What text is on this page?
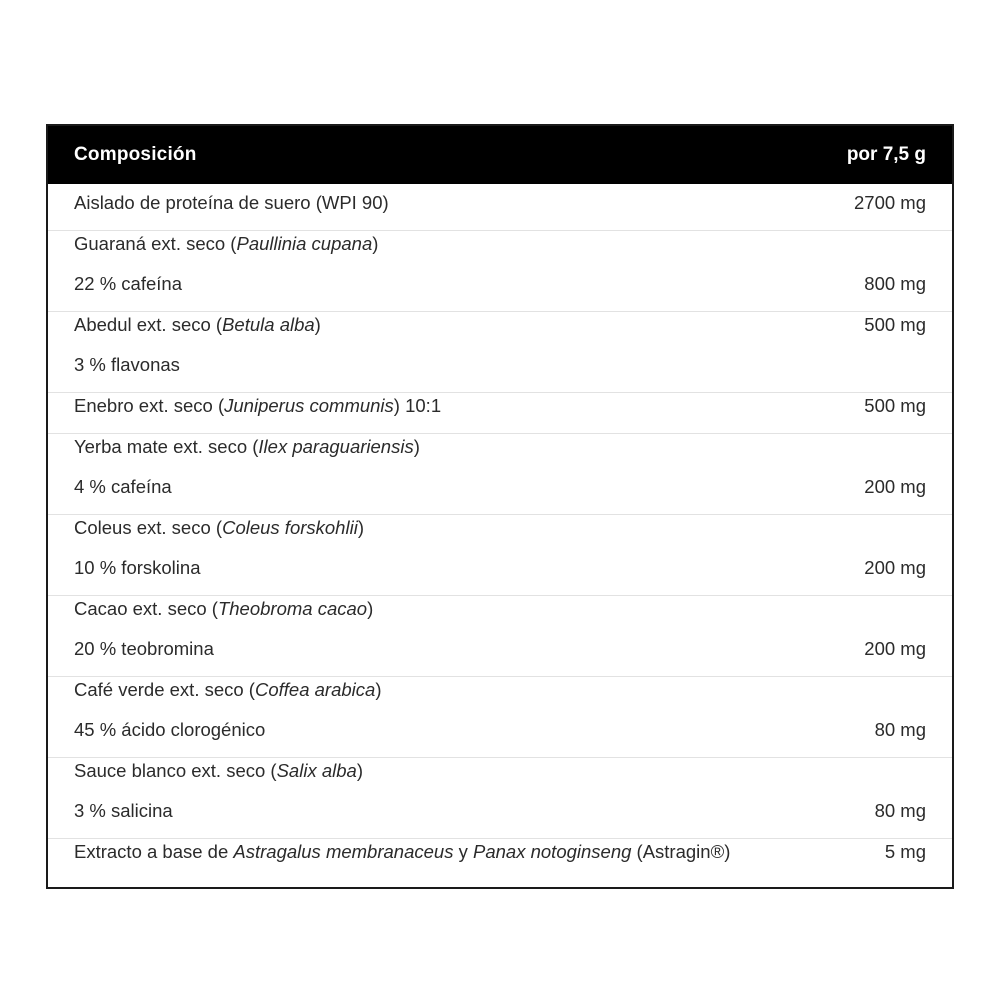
Composición	por 7,5 g
Aislado de proteína de suero (WPI 90)	2700 mg
Guaraná ext. seco (Paullinia cupana)
22 % cafeína	800 mg
Abedul ext. seco (Betula alba)	500 mg
3 % flavonas
Enebro ext. seco (Juniperus communis) 10:1	500 mg
Yerba mate ext. seco (Ilex paraguariensis)
4 % cafeína	200 mg
Coleus ext. seco (Coleus forskohlii)
10 % forskolina	200 mg
Cacao ext. seco (Theobroma cacao)
20 % teobromina	200 mg
Café verde ext. seco (Coffea arabica)
45 % ácido clorogénico	80 mg
Sauce blanco ext. seco (Salix alba)
3 % salicina	80 mg
Extracto a base de Astragalus membranaceus y Panax notoginseng (Astragin®)	5 mg
